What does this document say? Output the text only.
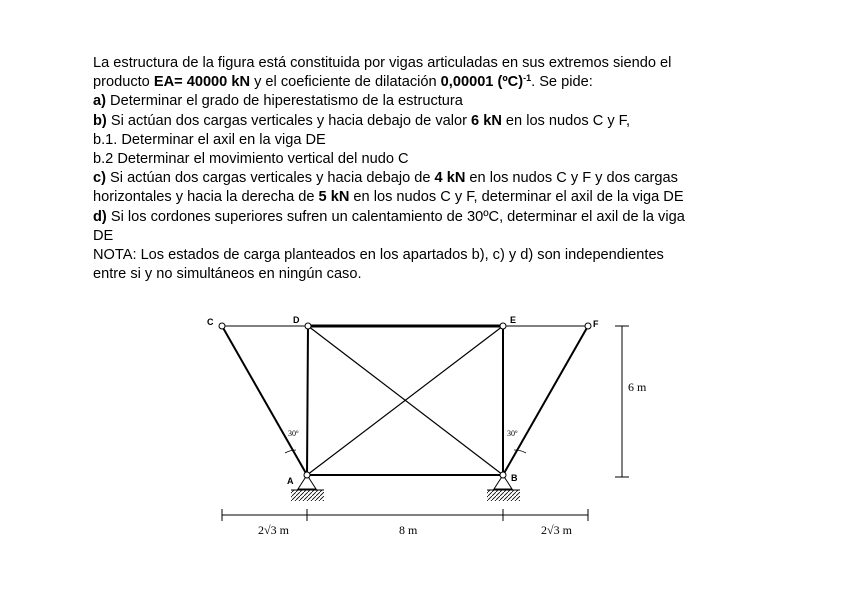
La estructura de la figura está constituida por vigas articuladas en sus extremos siendo el
producto EA= 40000 kN y el coeficiente de dilatación 0,00001 (ºC)$^{-1}$. Se pide:
a) Determinar el grado de hiperestatismo de la estructura
b) Si actúan dos cargas verticales y hacia debajo de valor 6 kN en los nudos C y F,
b.1. Determinar el axil en la viga DE
b.2 Determinar el movimiento vertical del nudo C
c) Si actúan dos cargas verticales y hacia debajo de 4 kN en los nudos C y F y dos cargas
horizontales y hacia la derecha de 5 kN en los nudos C y F, determinar el axil de la viga DE
d) Si los cordones superiores sufren un calentamiento de 30ºC, determinar el axil de la viga
DE
NOTA: Los estados de carga planteados en los apartados b), c) y d) son independientes
entre si y no simultáneos en ningún caso.
C	D	E	F
A	B
30º	30º
6 m
2√3 m	8 m	2√3 m
